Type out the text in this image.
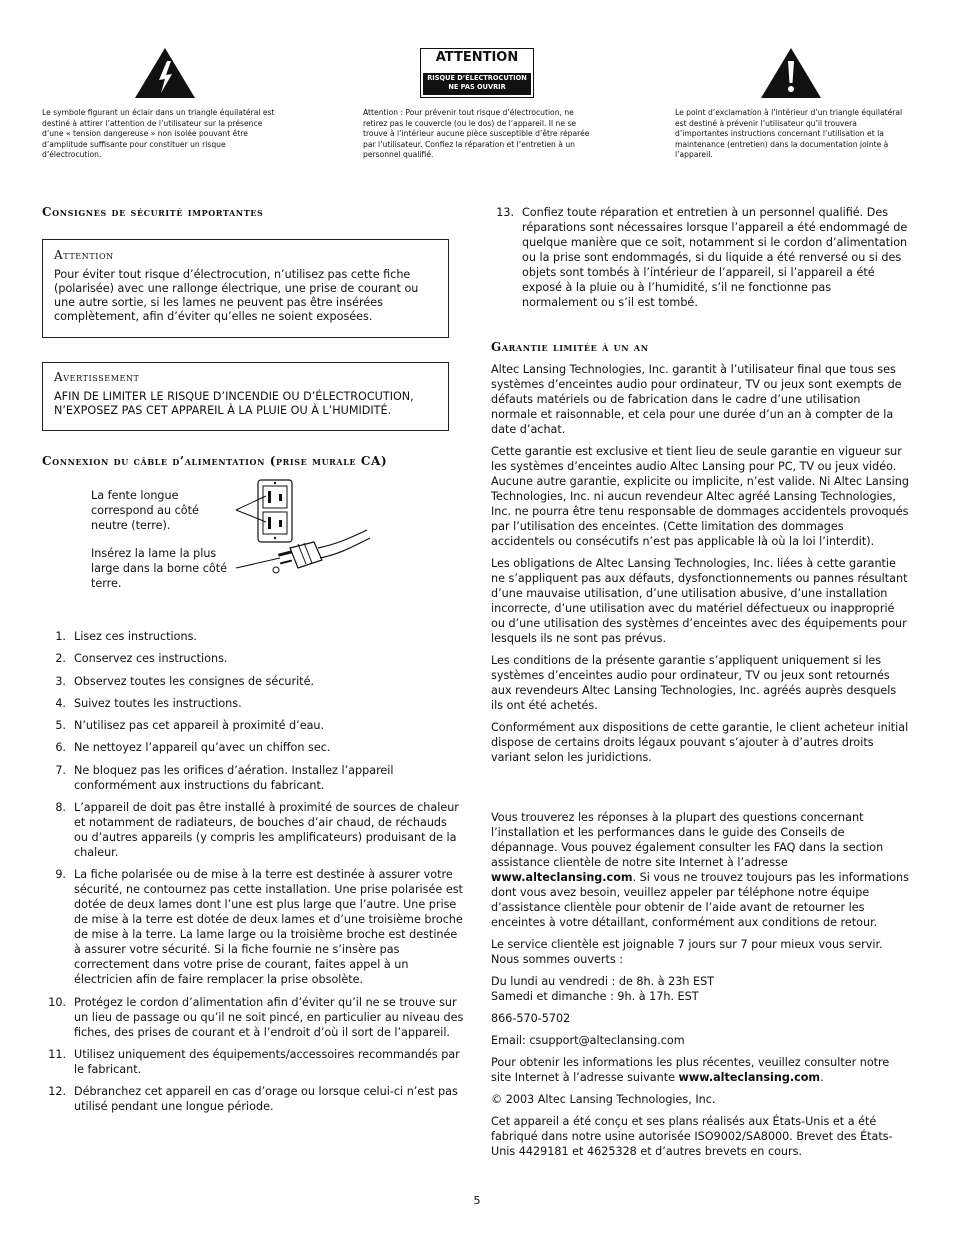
Le symbole figurant un éclair dans un triangle équilatéral est destiné à attirer l’attention de l’utilisateur sur la présence d’une « tension dangereuse » non isolée pouvant être d’amplitude suffisante pour constituer un risque d’électrocution.

ATTENTION
RISQUE D’ÉLECTROCUTION
NE PAS OUVRIR

Attention : Pour prévenir tout risque d’électrocution, ne retirez pas le couvercle (ou le dos) de l’appareil. Il ne se trouve à l’intérieur aucune pièce susceptible d’être réparée par l’utilisateur. Confiez la réparation et l’entretien à un personnel qualifié.

Le point d’exclamation à l’intérieur d’un triangle équilatéral est destiné à prévenir l’utilisateur qu’il trouvera d’importantes instructions concernant l’utilisation et la maintenance (entretien) dans la documentation jointe à l’appareil.

Consignes de sécurité importantes

Attention

Pour éviter tout risque d’électrocution, n’utilisez pas cette fiche (polarisée) avec une rallonge électrique, une prise de courant ou une autre sortie, si les lames ne peuvent pas être insérées complètement, afin d’éviter qu’elles ne soient exposées.

Avertissement

AFIN DE LIMITER LE RISQUE D’INCENDIE OU D’ÉLECTROCUTION, N’EXPOSEZ PAS CET APPAREIL À LA PLUIE OU À L’HUMIDITÉ.

Connexion du câble d’alimentation (prise murale CA)

La fente longue correspond au côté neutre (terre).

Insérez la lame la plus large dans la borne côté terre.

1. Lisez ces instructions.
2. Conservez ces instructions.
3. Observez toutes les consignes de sécurité.
4. Suivez toutes les instructions.
5. N’utilisez pas cet appareil à proximité d’eau.
6. Ne nettoyez l’appareil qu’avec un chiffon sec.
7. Ne bloquez pas les orifices d’aération. Installez l’appareil conformément aux instructions du fabricant.
8. L’appareil de doit pas être installé à proximité de sources de chaleur et notamment de radiateurs, de bouches d’air chaud, de réchauds ou d’autres appareils (y compris les amplificateurs) produisant de la chaleur.
9. La fiche polarisée ou de mise à la terre est destinée à assurer votre sécurité, ne contournez pas cette installation. Une prise polarisée est dotée de deux lames dont l’une est plus large que l’autre. Une prise de mise à la terre est dotée de deux lames et d’une troisième broche de mise à la terre. La lame large ou la troisième broche est destinée à assurer votre sécurité. Si la fiche fournie ne s’insère pas correctement dans votre prise de courant, faites appel à un électricien afin de faire remplacer la prise obsolète.
10. Protégez le cordon d’alimentation afin d’éviter qu’il ne se trouve sur un lieu de passage ou qu’il ne soit pincé, en particulier au niveau des fiches, des prises de courant et à l’endroit d’où il sort de l’appareil.
11. Utilisez uniquement des équipements/accessoires recommandés par le fabricant.
12. Débranchez cet appareil en cas d’orage ou lorsque celui-ci n’est pas utilisé pendant une longue période.
13. Confiez toute réparation et entretien à un personnel qualifié. Des réparations sont nécessaires lorsque l’appareil a été endommagé de quelque manière que ce soit, notamment si le cordon d’alimentation ou la prise sont endommagés, si du liquide a été renversé ou si des objets sont tombés à l’intérieur de l’appareil, si l’appareil a été exposé à la pluie ou à l’humidité, s’il ne fonctionne pas normalement ou s’il est tombé.
Garantie limitée à un an

Altec Lansing Technologies, Inc. garantit à l’utilisateur final que tous ses systèmes d’enceintes audio pour ordinateur, TV ou jeux sont exempts de défauts matériels ou de fabrication dans le cadre d’une utilisation normale et raisonnable, et cela pour une durée d’un an à compter de la date d’achat.

Cette garantie est exclusive et tient lieu de seule garantie en vigueur sur les systèmes d’enceintes audio Altec Lansing pour PC, TV ou jeux vidéo. Aucune autre garantie, explicite ou implicite, n’est valide. Ni Altec Lansing Technologies, Inc. ni aucun revendeur Altec agréé Lansing Technologies, Inc. ne pourra être tenu responsable de dommages accidentels provoqués par l’utilisation des enceintes. (Cette limitation des dommages accidentels ou consécutifs n’est pas applicable là où la loi l’interdit).

Les obligations de Altec Lansing Technologies, Inc. liées à cette garantie ne s’appliquent pas aux défauts, dysfonctionnements ou pannes résultant d’une mauvaise utilisation, d’une utilisation abusive, d’une installation incorrecte, d’une utilisation avec du matériel défectueux ou inapproprié ou d’une utilisation des systèmes d’enceintes avec des équipements pour lesquels ils ne sont pas prévus.

Les conditions de la présente garantie s’appliquent uniquement si les systèmes d’enceintes audio pour ordinateur, TV ou jeux sont retournés aux revendeurs Altec Lansing Technologies, Inc. agréés auprès desquels ils ont été achetés.

Conformément aux dispositions de cette garantie, le client acheteur initial dispose de certains droits légaux pouvant s’ajouter à d’autres droits variant selon les juridictions.

Vous trouverez les réponses à la plupart des questions concernant l’installation et les performances dans le guide des Conseils de dépannage. Vous pouvez également consulter les FAQ dans la section assistance clientèle de notre site Internet à l’adresse
www.alteclansing.com. Si vous ne trouvez toujours pas les informations dont vous avez besoin, veuillez appeler par téléphone notre équipe d’assistance clientèle pour obtenir de l’aide avant de retourner les enceintes à votre détaillant, conformément aux conditions de retour.

Le service clientèle est joignable 7 jours sur 7 pour mieux vous servir. Nous sommes ouverts :

Du lundi au vendredi : de 8h. à 23h EST
Samedi et dimanche : 9h. à 17h. EST

866-570-5702

Email: csupport@alteclansing.com

Pour obtenir les informations les plus récentes, veuillez consulter notre site Internet à l’adresse suivante www.alteclansing.com.

© 2003 Altec Lansing Technologies, Inc.

Cet appareil a été conçu et ses plans réalisés aux États-Unis et a été fabriqué dans notre usine autorisée ISO9002/SA8000. Brevet des États-Unis 4429181 et 4625328 et d’autres brevets en cours.

5
